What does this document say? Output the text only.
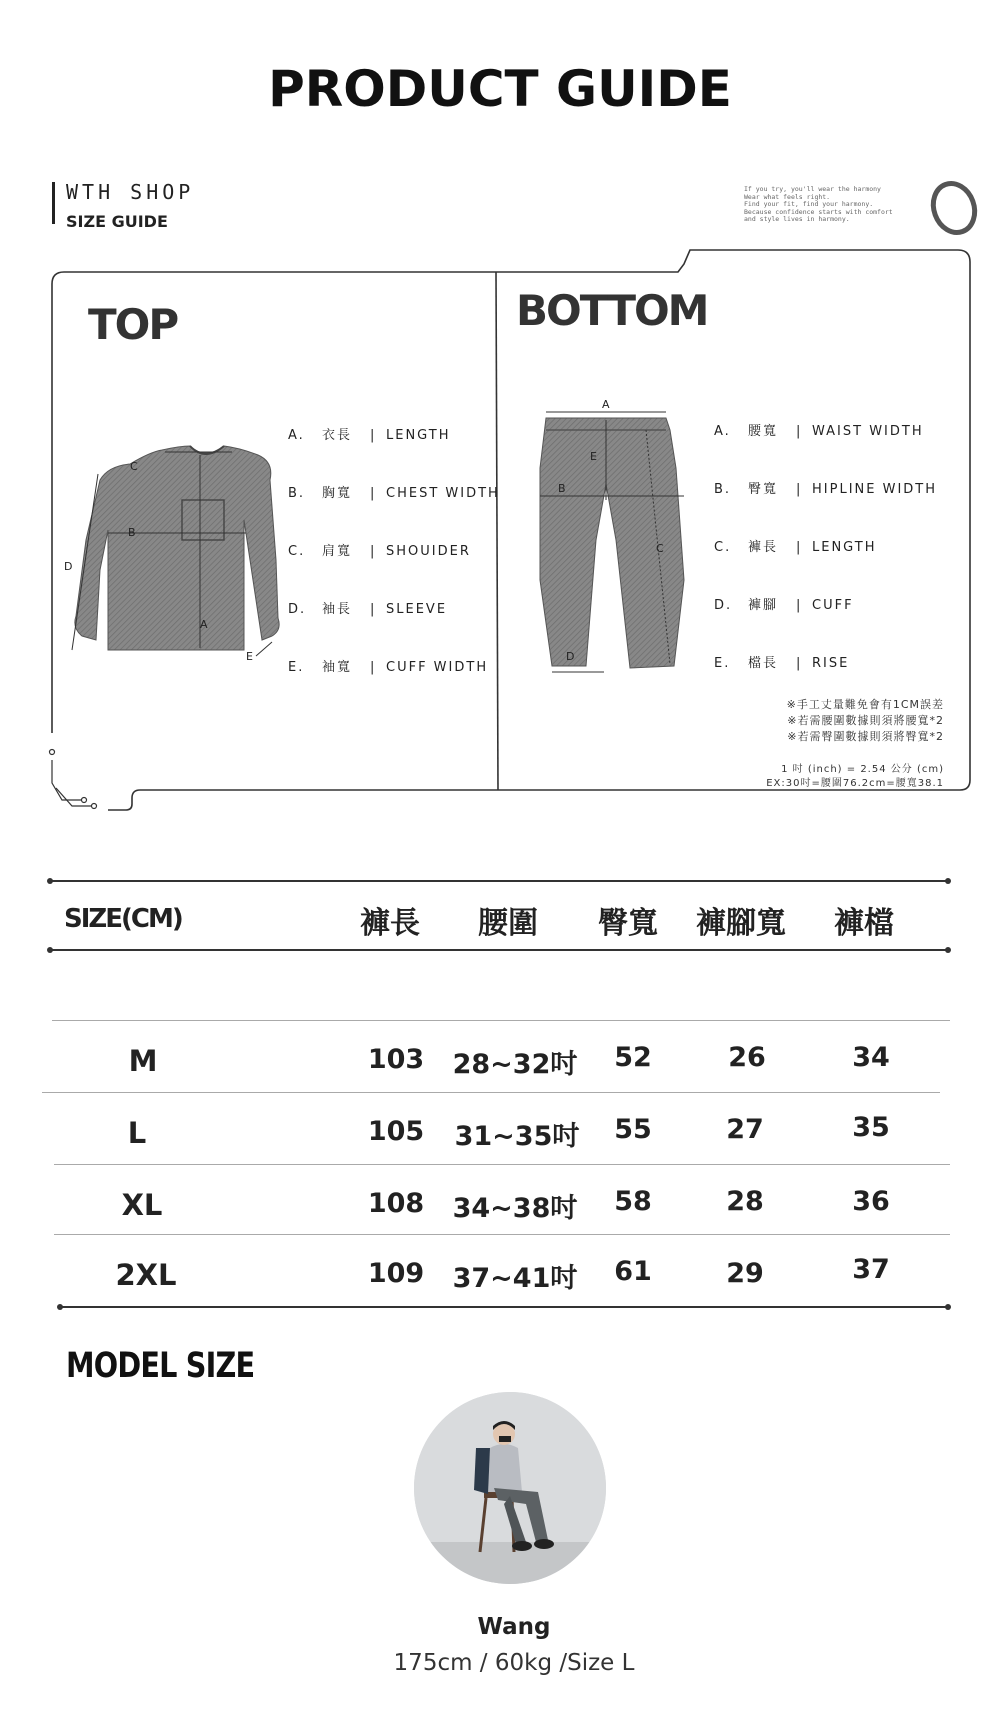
PRODUCT GUIDE
WTH SHOP
SIZE GUIDE
If you try, you'll wear the harmony
Wear what feels right.
Find your fit, find your harmony.
Because confidence starts with comfort
and style lives in harmony.
C
B
A
D
E
A
E
B
C
D
TOP
A. 衣長 | LENGTH
B. 胸寬 | CHEST WIDTH
C. 肩寬 | SHOUIDER
D. 袖長 | SLEEVE
E. 袖寬 | CUFF WIDTH
BOTTOM
A. 腰寬 | WAIST WIDTH
B. 臀寬 | HIPLINE WIDTH
C. 褲長 | LENGTH
D. 褲腳 | CUFF
E. 檔長 | RISE
※手工丈量難免會有1CM誤差
※若需腰圍數據則須將腰寬*2
※若需臀圍數據則須將臀寬*2
1 吋 (inch) = 2.54 公分 (cm)
EX:30吋=腰圍76.2cm=腰寬38.1
SIZE(CM)	褲長 腰圍 臀寬 褲腳寬 褲檔
M	103 28~32吋 52	26	34
L	105 31~35吋 55	27	35
XL	108 34~38吋 58	28	36
2XL	109 37~41吋 61	29	37
MODEL SIZE
Wang
175cm / 60kg /Size L
